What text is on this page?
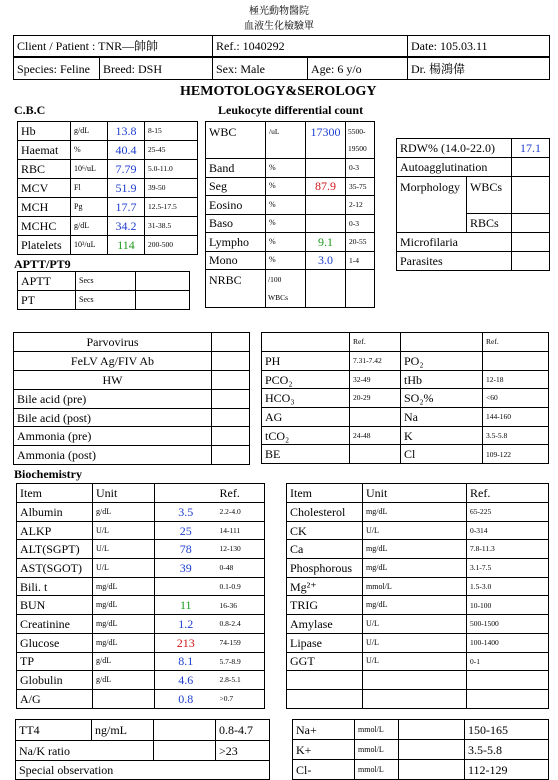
極光動物醫院
血液生化檢驗單
Client / Patient : TNR—帥帥	Ref.: 1040292	Date: 105.03.11
Species: Feline	Breed: DSH	Sex: Male	Age: 6 y/o	Dr. 楊鴻偉
HEMOTOLOGY&SEROLOGY
C.B.C	Leukocyte differential count
Hb	g/dL	13.8	8-15
Haemat	%	40.4	25-45
RBC	10⁶/uL	7.79	5.0-11.0
MCV	Fl	51.9	39-50
MCH	Pg	17.7	12.5-17.5
MCHC	g/dL	34.2	31-38.5
Platelets	10³/uL	114	200-500
WBC	/uL	17300	5500-
19500

Band	%		0-3
Seg	%	87.9	35-75
Eosino	%		2-12
Baso	%		0-3
Lympho	%	9.1	20-55
Mono	%	3.0	1-4
NRBC	/100
WBCs		

RDW% (14.0-22.0)	17.1
Autoagglutination	
Morphology	WBCs	
	RBCs	
Microfilaria	
Parasites	
APTT/PT9
APTT	Secs	
PT	Secs	
Parvovirus	
FeLV Ag/FIV Ab	
HW	
Bile acid (pre)	
Bile acid (post)	
Ammonia (pre)	
Ammonia (post)	
	Ref.		Ref.
PH	7.31-7.42	PO₂	
PCO₂	32-49	tHb	12-18
HCO₃	20-29	SO₂%	<60
AG		Na	144-160
tCO₂	24-48	K	3.5-5.8
BE		Cl	109-122
Biochemistry
Item	Unit		Ref.
Albumin	g/dL	3.5	2.2-4.0
ALKP	U/L	25	14-111
ALT(SGPT)	U/L	78	12-130
AST(SGOT)	U/L	39	0-48
Bili. t	mg/dL		0.1-0.9
BUN	mg/dL	11	16-36
Creatinine	mg/dL	1.2	0.8-2.4
Glucose	mg/dL	213	74-159
TP	g/dL	8.1	5.7-8.9
Globulin	g/dL	4.6	2.8-5.1
A/G		0.8	>0.7
Item	Unit	Ref.
Cholesterol	mg/dL	65-225
CK	U/L	0-314
Ca	mg/dL	7.8-11.3
Phosphorous	mg/dL	3.1-7.5
Mg²⁺	mmol/L	1.5-3.0
TRIG	mg/dL	10-100
Amylase	U/L	500-1500
Lipase	U/L	100-1400
GGT	U/L	0-1

TT4	ng/mL		0.8-4.7
Na/K ratio			>23
Special observation			
Na+	mmol/L		150-165
K+	mmol/L		3.5-5.8
Cl-	mmol/L		112-129
